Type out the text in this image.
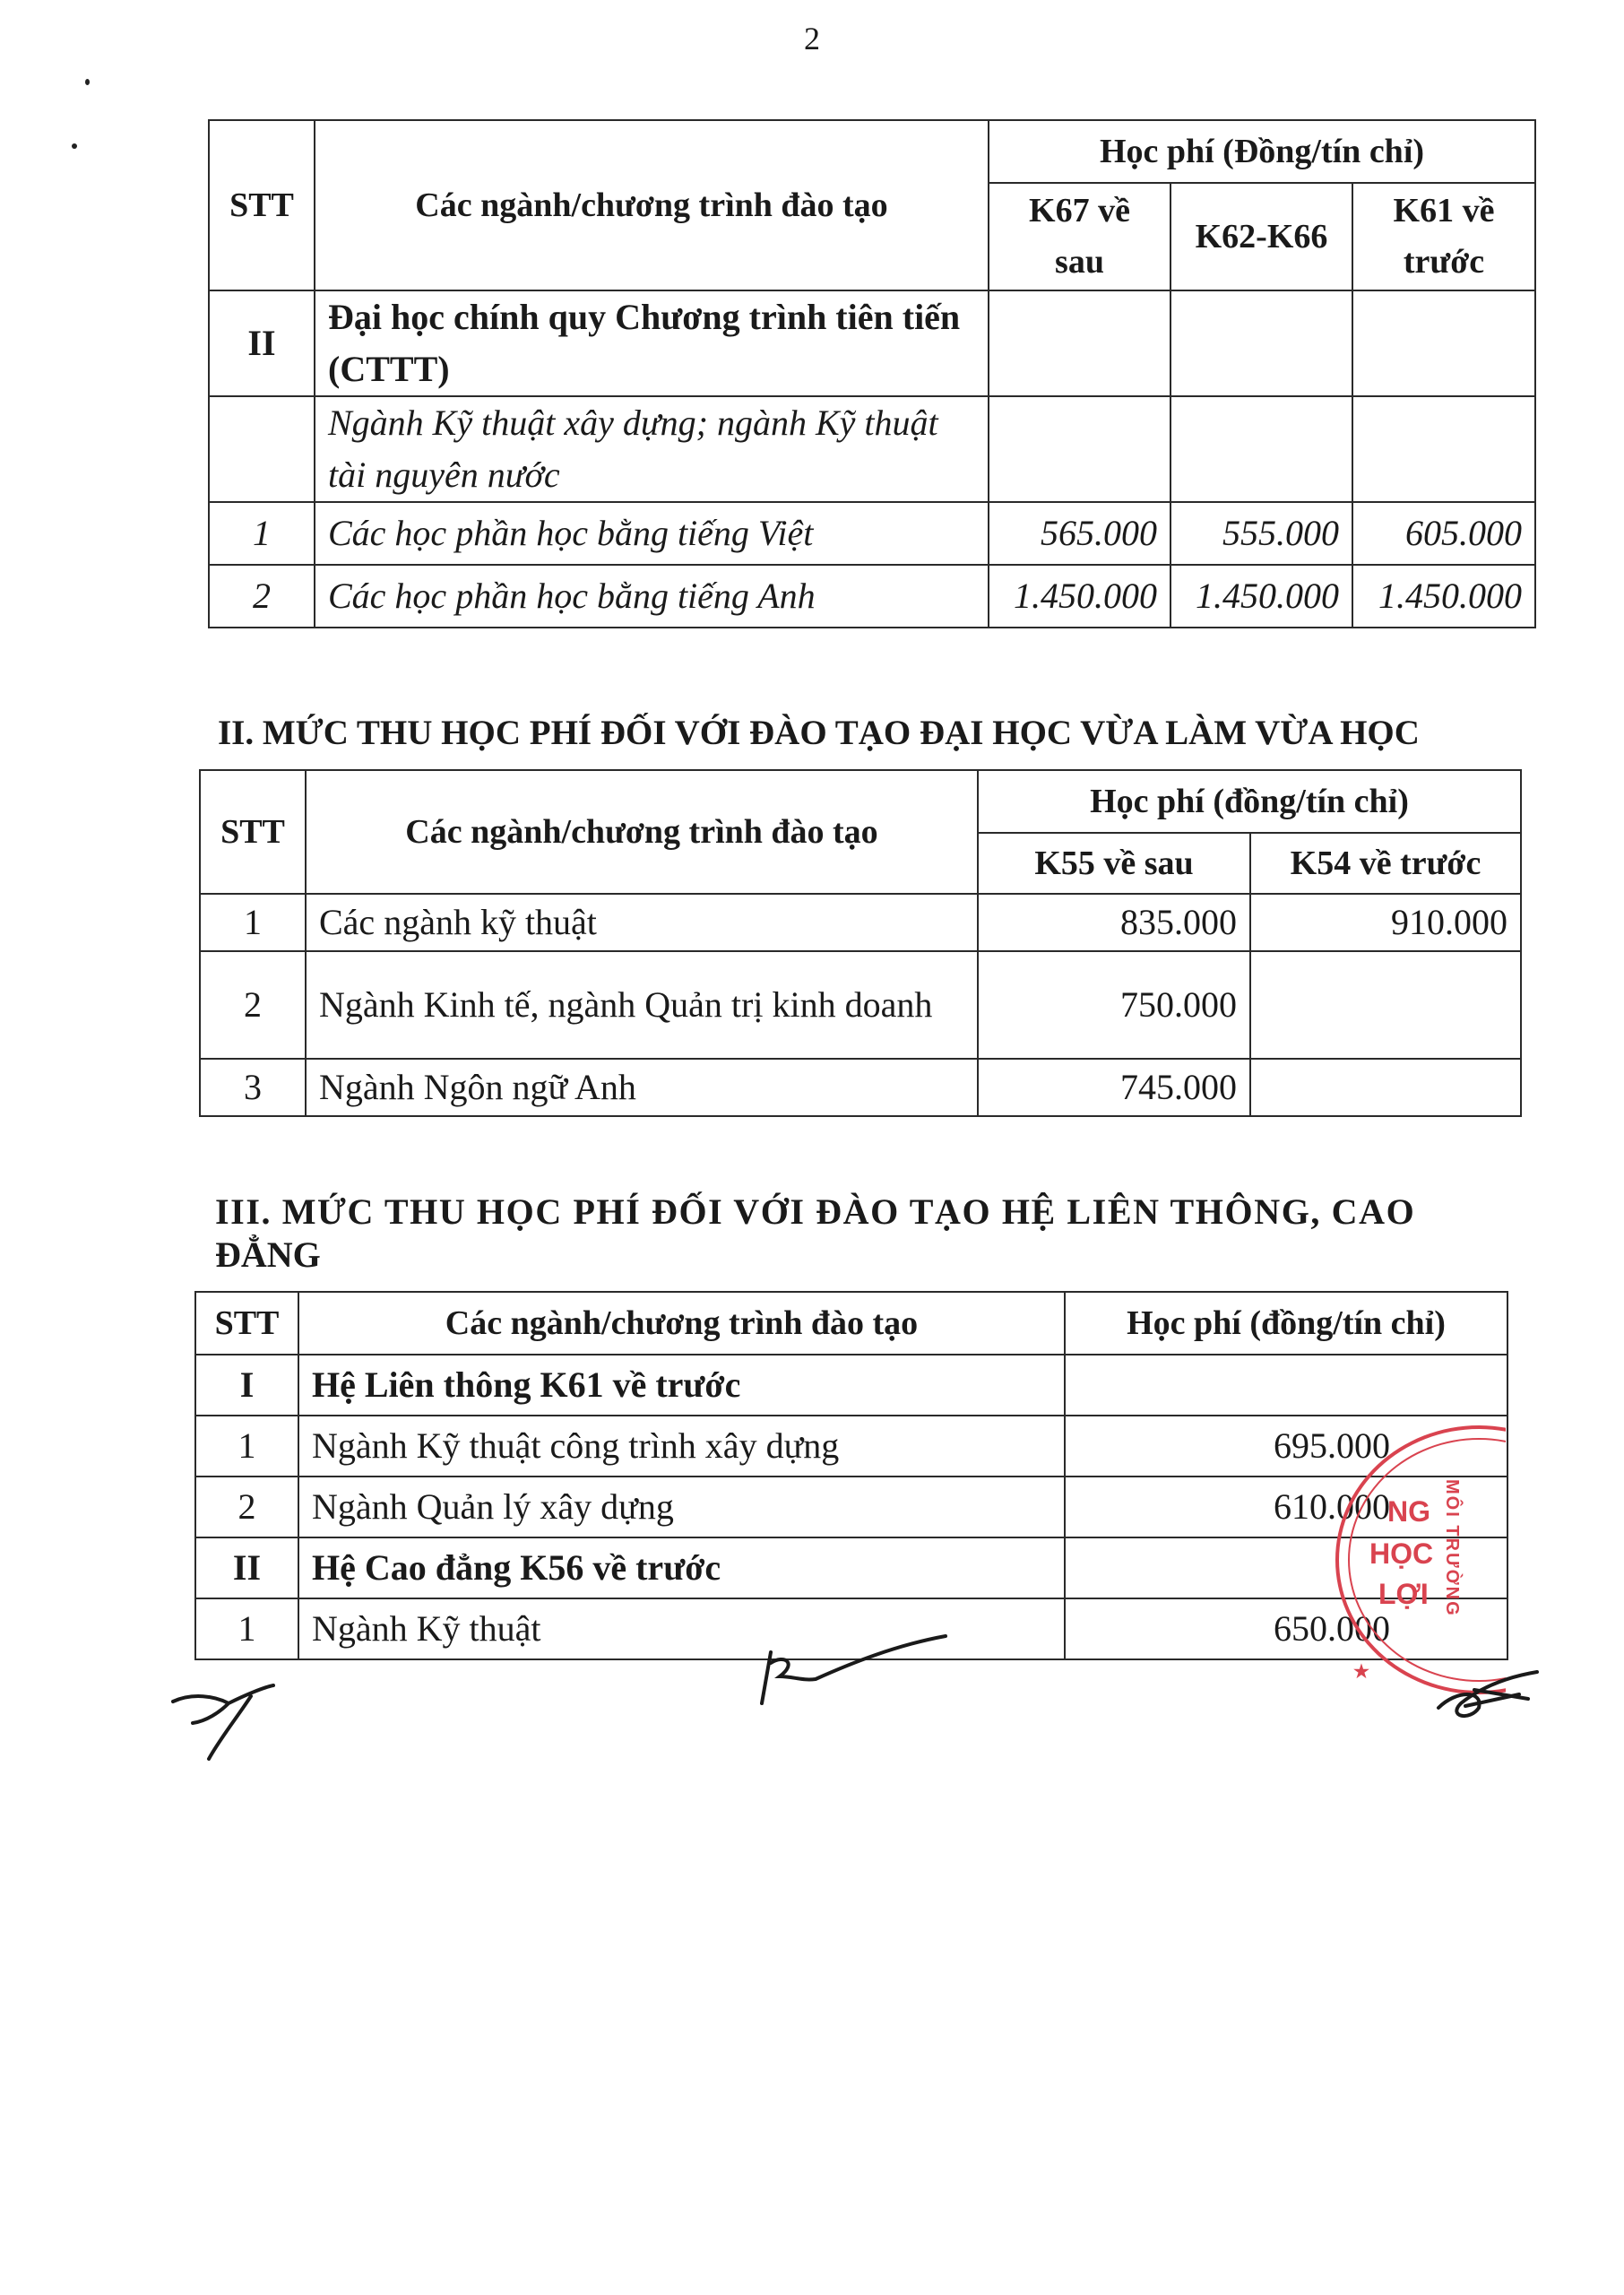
2
STT	Các ngành/chương trình đào tạo	Học phí (Đồng/tín chỉ)		
		K67 về sau	K62-K66	K61 về trước
II	Đại học chính quy Chương trình tiên tiến (CTTT)			
	Ngành Kỹ thuật xây dựng; ngành Kỹ thuật tài nguyên nước			
1	Các học phần học bằng tiếng Việt	565.000	555.000	605.000
2	Các học phần học bằng tiếng Anh	1.450.000	1.450.000	1.450.000
II. MỨC THU HỌC PHÍ ĐỐI VỚI ĐÀO TẠO ĐẠI HỌC VỪA LÀM VỪA HỌC
STT	Các ngành/chương trình đào tạo	Học phí (đồng/tín chỉ)	
		K55 về sau	K54 về trước
1	Các ngành kỹ thuật	835.000	910.000
2	Ngành Kinh tế, ngành Quản trị kinh doanh	750.000	
3	Ngành Ngôn ngữ Anh	745.000	
III. MỨC THU HỌC PHÍ ĐỐI VỚI ĐÀO TẠO HỆ LIÊN THÔNG, CAO
ĐẲNG
STT	Các ngành/chương trình đào tạo	Học phí (đồng/tín chỉ)
I	Hệ Liên thông K61 về trước	
1	Ngành Kỹ thuật công trình xây dựng	695.000
2	Ngành Quản lý xây dựng	610.000
II	Hệ Cao đẳng K56 về trước	
1	Ngành Kỹ thuật	650.000
NG
HỌC
LỢI MÔI TRƯỜNG
★
